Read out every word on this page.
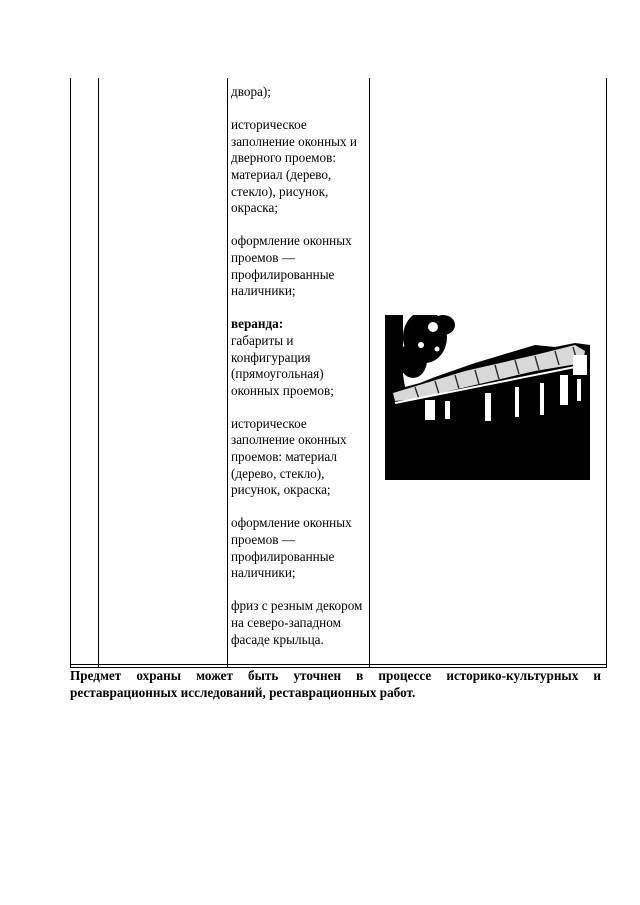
двора);

историческое заполнение оконных и дверного проемов: материал (дерево, стекло), рисунок, окраска;

оформление оконных проемов — профилированные наличники;

веранда:
габариты и конфигурация (прямоугольная) оконных проемов;

историческое заполнение оконных проемов: материал (дерево, стекло), рисунок, окраска;

оформление оконных проемов — профилированные наличники;

фриз с резным декором на северо-западном фасаде крыльца.

Предмет охраны может быть уточнен в процессе историко-культурных и реставрационных исследований, реставрационных работ.
